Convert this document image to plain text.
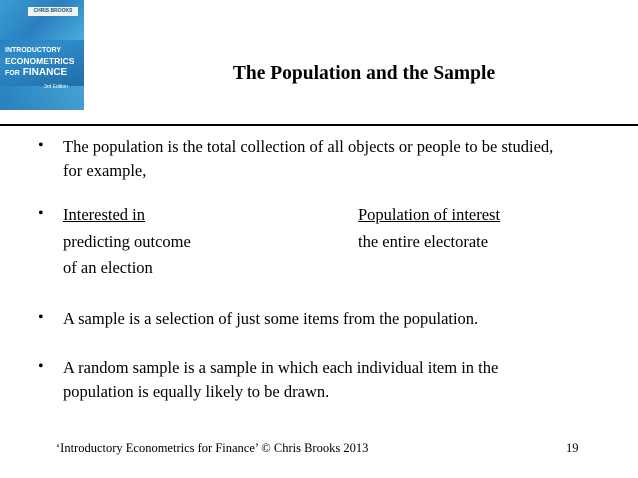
CHRIS BROOKS
INTRODUCTORY
ECONOMETRICS
FOR FINANCE
3rd Edition
The Population and the Sample
• The population is the total collection of all objects or people to be studied,
for example,
• Interested in	Population of interest
predicting outcome	the entire electorate
of an election
• A sample is a selection of just some items from the population.
• A random sample is a sample in which each individual item in the
population is equally likely to be drawn.
‘Introductory Econometrics for Finance’ © Chris Brooks 2013	19
